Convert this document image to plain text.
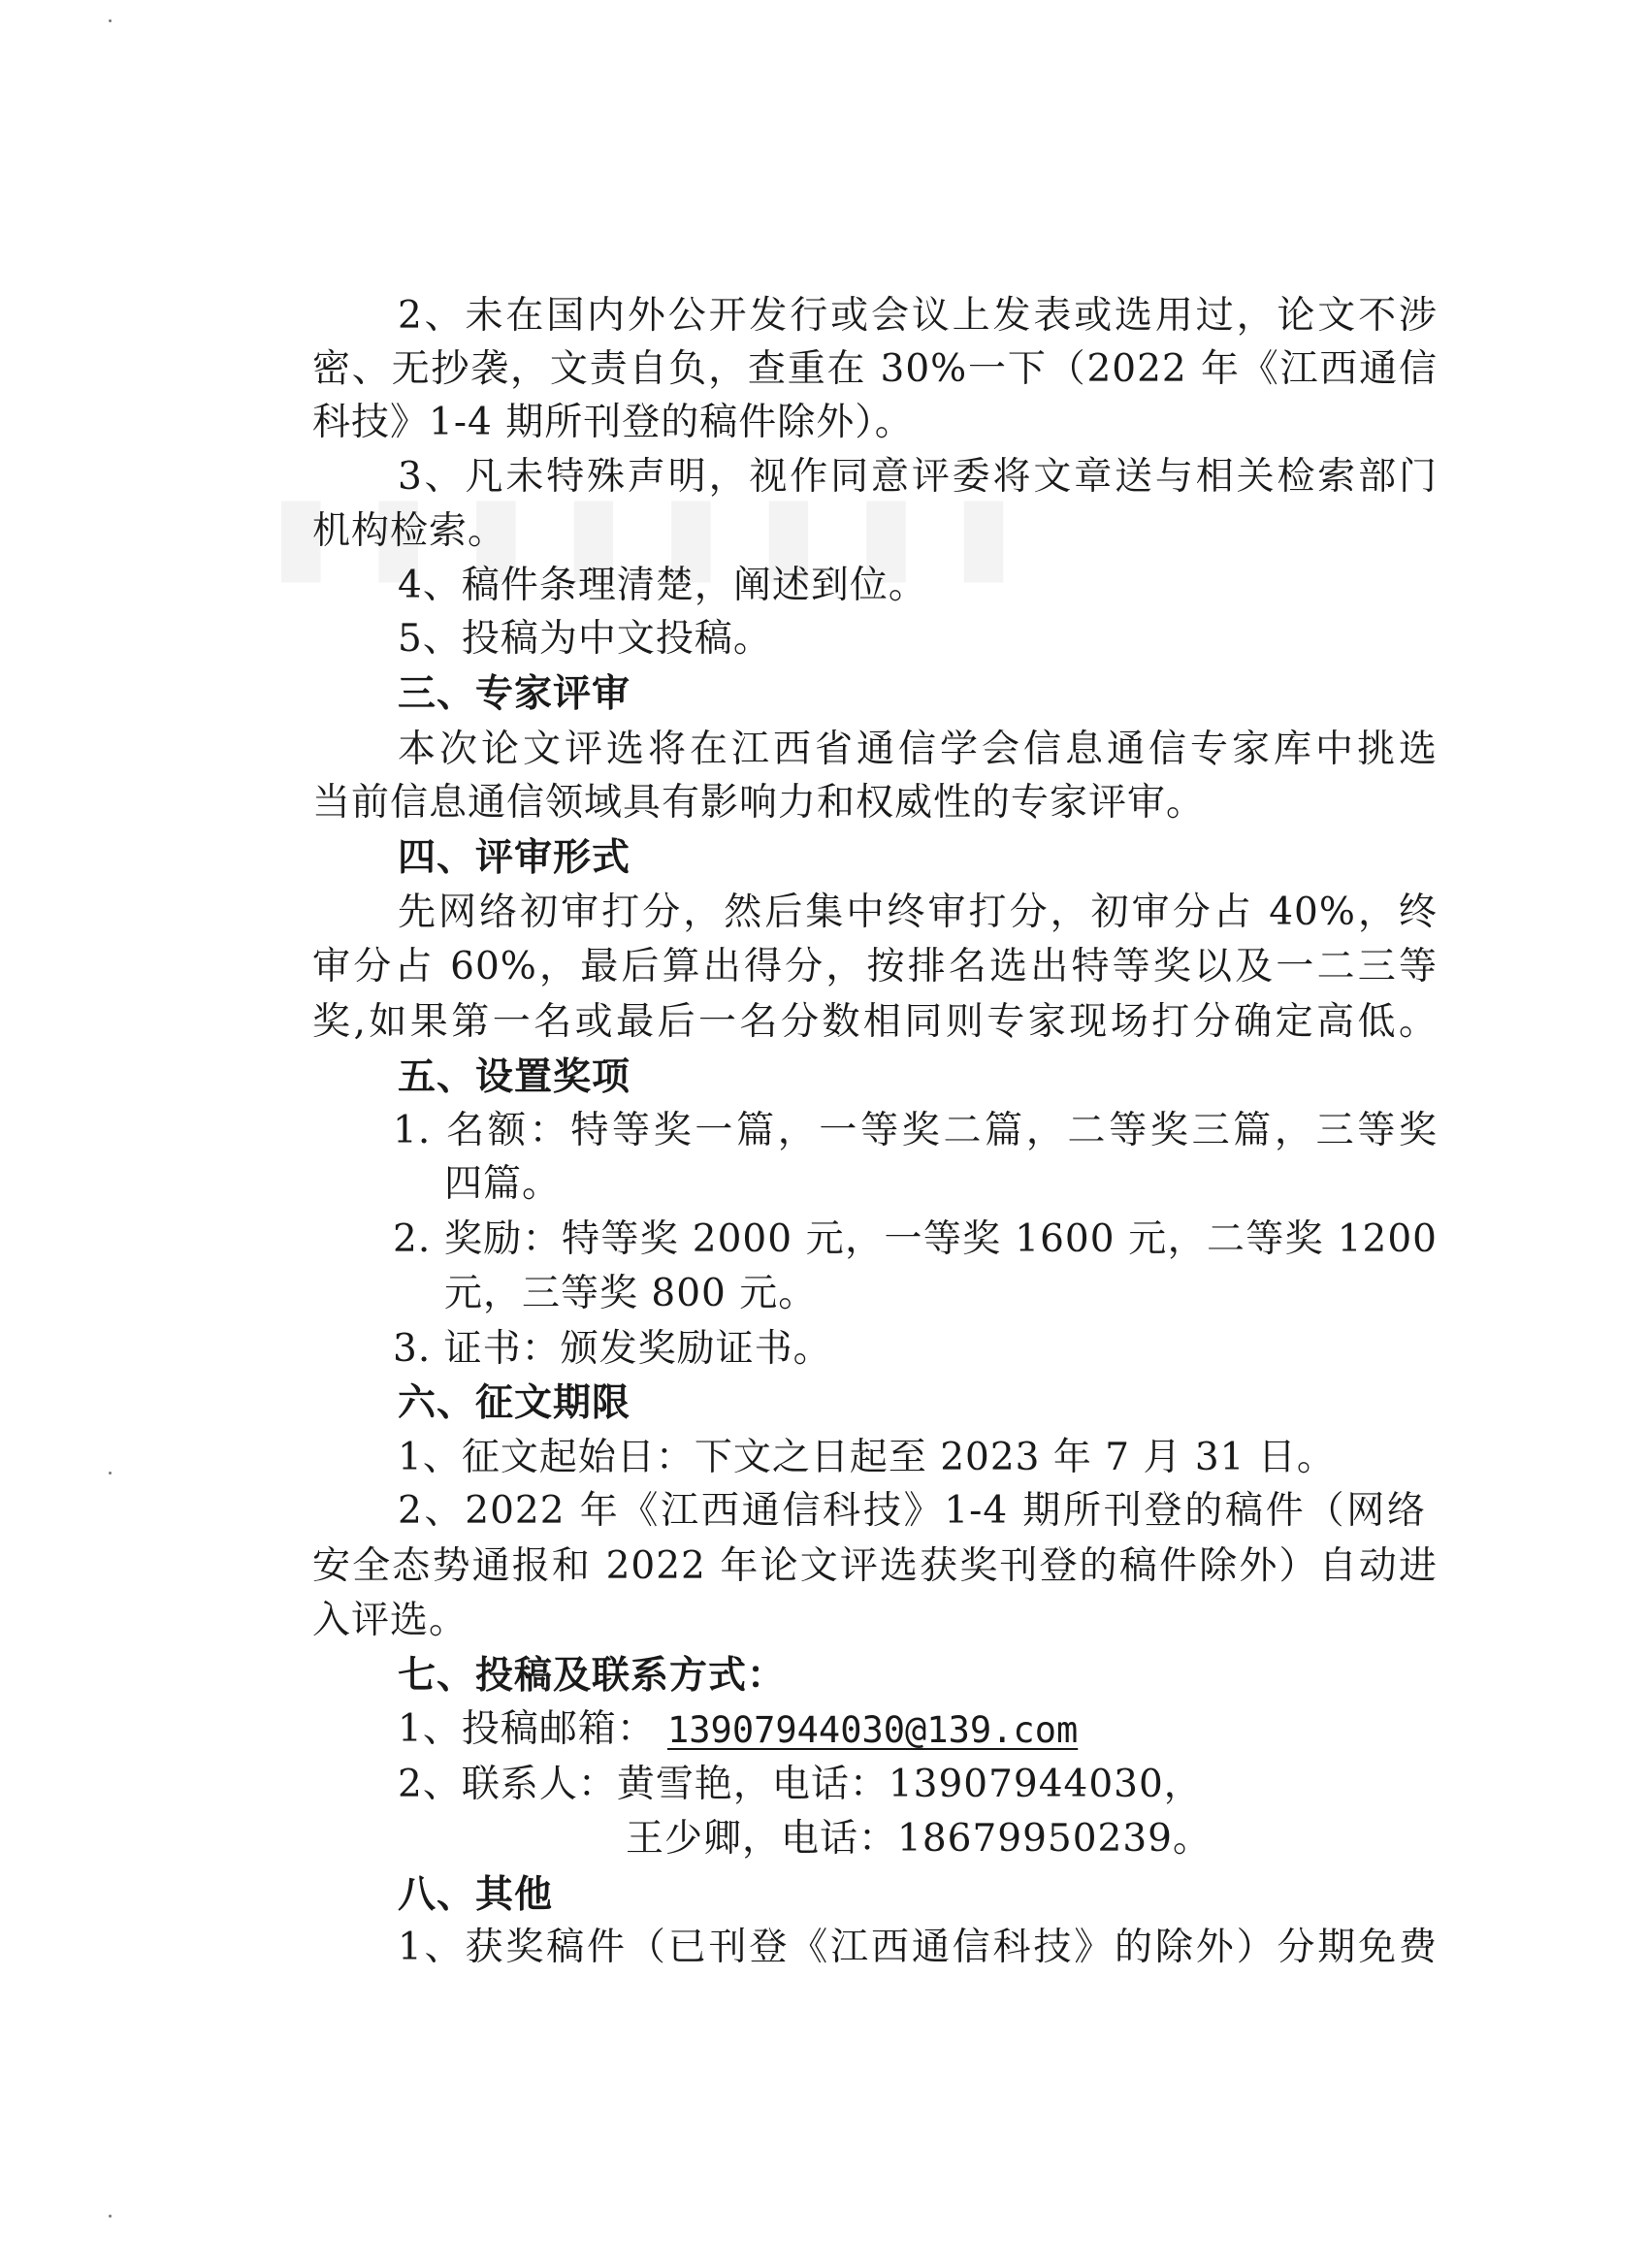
2、未在国内外公开发行或会议上发表或选用过，论文不涉
密、无抄袭，文责自负，查重在 30%一下（2022 年《江西通信
科技》1-4 期所刊登的稿件除外）。
3、凡未特殊声明，视作同意评委将文章送与相关检索部门
机构检索。
4、稿件条理清楚，阐述到位。
5、投稿为中文投稿。
三、专家评审
本次论文评选将在江西省通信学会信息通信专家库中挑选
当前信息通信领域具有影响力和权威性的专家评审。
四、评审形式
先网络初审打分，然后集中终审打分，初审分占 40%，终
审分占 60%，最后算出得分，按排名选出特等奖以及一二三等
奖,如果第一名或最后一名分数相同则专家现场打分确定高低。
五、设置奖项
1. 名额：特等奖一篇，一等奖二篇，二等奖三篇，三等奖
四篇。
2. 奖励：特等奖 2000 元，一等奖 1600 元，二等奖 1200
元，三等奖 800 元。
3. 证书：颁发奖励证书。
六、征文期限
1、征文起始日：下文之日起至 2023 年 7 月 31 日。
2、2022 年《江西通信科技》1-4 期所刊登的稿件（网络
安全态势通报和 2022 年论文评选获奖刊登的稿件除外）自动进
入评选。
七、投稿及联系方式：
1、投稿邮箱： 13907944030@139.com
2、联系人：黄雪艳，电话：13907944030，
王少卿，电话：18679950239。
八、其他
1、获奖稿件（已刊登《江西通信科技》的除外）分期免费
